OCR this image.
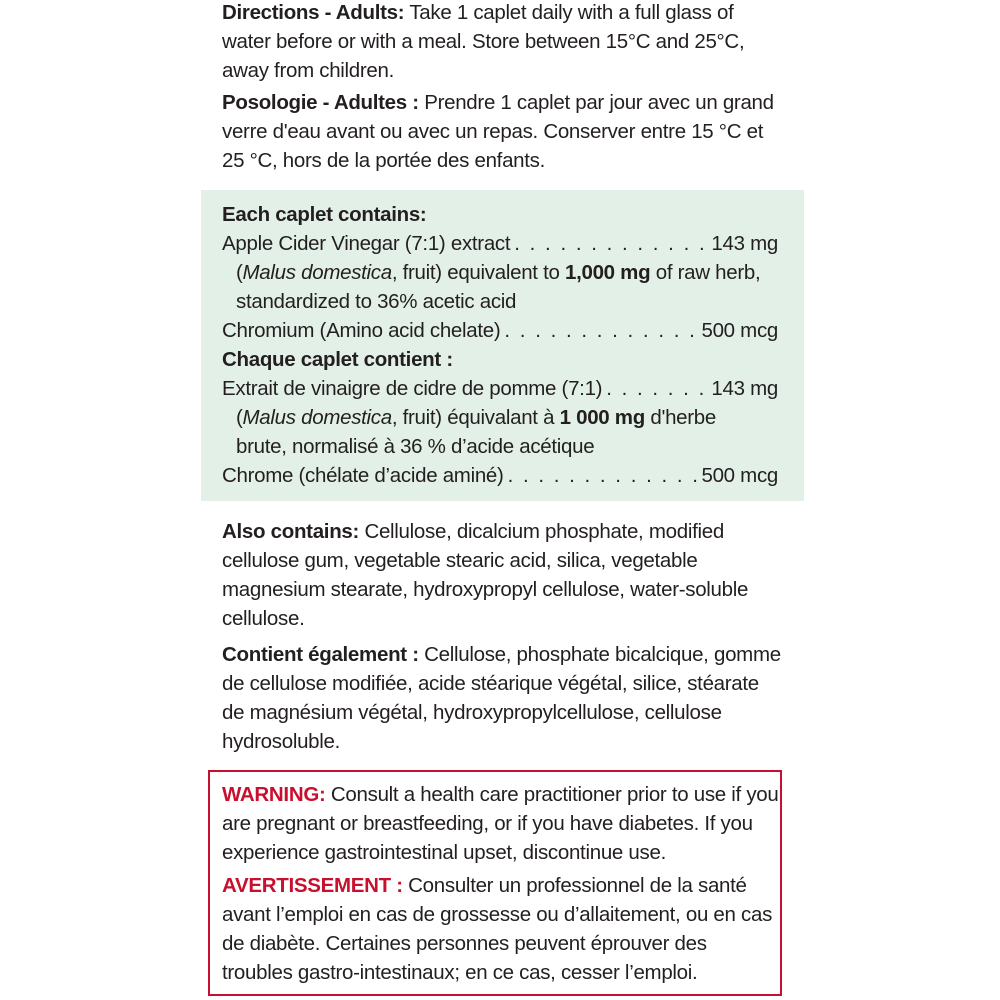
Directions - Adults: Take 1 caplet daily with a full glass of water before or with a meal. Store between 15°C and 25°C, away from children.

Posologie - Adultes : Prendre 1 caplet par jour avec un grand verre d'eau avant ou avec un repas. Conserver entre 15 °C et 25 °C, hors de la portée des enfants.

Each caplet contains:
Apple Cider Vinegar (7:1) extract . . .	143 mg
(Malus domestica, fruit) equivalent to 1,000 mg of raw herb,
standardized to 36% acetic acid
Chromium (Amino acid chelate) . . .	500 mcg
Chaque caplet contient :
Extrait de vinaigre de cidre de pomme (7:1) . . .	143 mg
(Malus domestica, fruit) équivalant à 1 000 mg d'herbe
brute, normalisé à 36 % d’acide acétique
Chrome (chélate d’acide aminé) . . .	500 mcg

Also contains: Cellulose, dicalcium phosphate, modified cellulose gum, vegetable stearic acid, silica, vegetable magnesium stearate, hydroxypropyl cellulose, water-soluble cellulose.

Contient également : Cellulose, phosphate bicalcique, gomme de cellulose modifiée, acide stéarique végétal, silice, stéarate de magnésium végétal, hydroxypropylcellulose, cellulose hydrosoluble.

WARNING: Consult a health care practitioner prior to use if you are pregnant or breastfeeding, or if you have diabetes. If you experience gastrointestinal upset, discontinue use.

AVERTISSEMENT : Consulter un professionnel de la santé avant l’emploi en cas de grossesse ou d’allaitement, ou en cas de diabète. Certaines personnes peuvent éprouver des troubles gastro-intestinaux; en ce cas, cesser l’emploi.
